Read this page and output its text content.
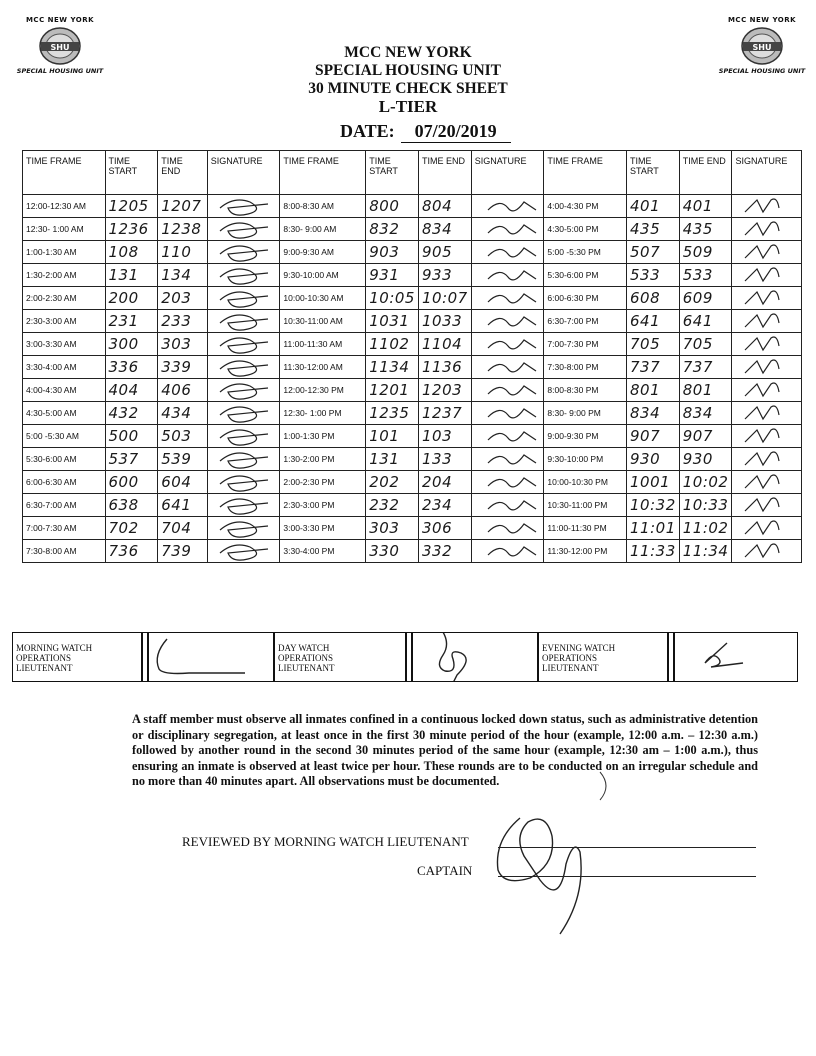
MCC NEW YORK
SHU
SPECIAL HOUSING UNIT
MCC NEW YORK
SHU
SPECIAL HOUSING UNIT
MCC NEW YORK
SPECIAL HOUSING UNIT
30 MINUTE CHECK SHEET
L-TIER
DATE: 07/20/2019
TIME FRAME	TIME START	TIME END	SIGNATURE	TIME FRAME	TIME START	TIME END	SIGNATURE	TIME FRAME	TIME START	TIME END	SIGNATURE
12:00-12:30 AM	1205	1207		8:00-8:30 AM	800	804		4:00-4:30 PM	401	401	
12:30- 1:00 AM	1236	1238		8:30- 9:00 AM	832	834		4:30-5:00 PM	435	435	
1:00-1:30 AM	108	110		9:00-9:30 AM	903	905		5:00 -5:30 PM	507	509	
1:30-2:00 AM	131	134		9:30-10:00 AM	931	933		5:30-6:00 PM	533	533	
2:00-2:30 AM	200	203		10:00-10:30 AM	10:05	10:07		6:00-6:30 PM	608	609	
2:30-3:00 AM	231	233		10:30-11:00 AM	1031	1033		6:30-7:00 PM	641	641	
3:00-3:30 AM	300	303		11:00-11:30 AM	1102	1104		7:00-7:30 PM	705	705	
3:30-4:00 AM	336	339		11:30-12:00 AM	1134	1136		7:30-8:00 PM	737	737	
4:00-4:30 AM	404	406		12:00-12:30 PM	1201	1203		8:00-8:30 PM	801	801	
4:30-5:00 AM	432	434		12:30- 1:00 PM	1235	1237		8:30- 9:00 PM	834	834	
5:00 -5:30 AM	500	503		1:00-1:30 PM	101	103		9:00-9:30 PM	907	907	
5:30-6:00 AM	537	539		1:30-2:00 PM	131	133		9:30-10:00 PM	930	930	
6:00-6:30 AM	600	604		2:00-2:30 PM	202	204		10:00-10:30 PM	1001	10:02	
6:30-7:00 AM	638	641		2:30-3:00 PM	232	234		10:30-11:00 PM	10:32	10:33	
7:00-7:30 AM	702	704		3:00-3:30 PM	303	306		11:00-11:30 PM	11:01	11:02	
7:30-8:00 AM	736	739		3:30-4:00 PM	330	332		11:30-12:00 PM	11:33	11:34	
MORNING WATCH
OPERATIONS
LIEUTENANT
DAY WATCH
OPERATIONS
LIEUTENANT
EVENING WATCH
OPERATIONS
LIEUTENANT
A staff member must observe all inmates confined in a continuous locked down status, such as administrative detention or disciplinary segregation, at least once in the first 30 minute period of the hour (example, 12:00 a.m. – 12:30 a.m.) followed by another round in the second 30 minutes period of the same hour (example, 12:30 am – 1:00 a.m.), thus ensuring an inmate is observed at least twice per hour. These rounds are to be conducted on an irregular schedule and no more than 40 minutes apart. All observations must be documented.
REVIEWED BY MORNING WATCH LIEUTENANT
CAPTAIN
